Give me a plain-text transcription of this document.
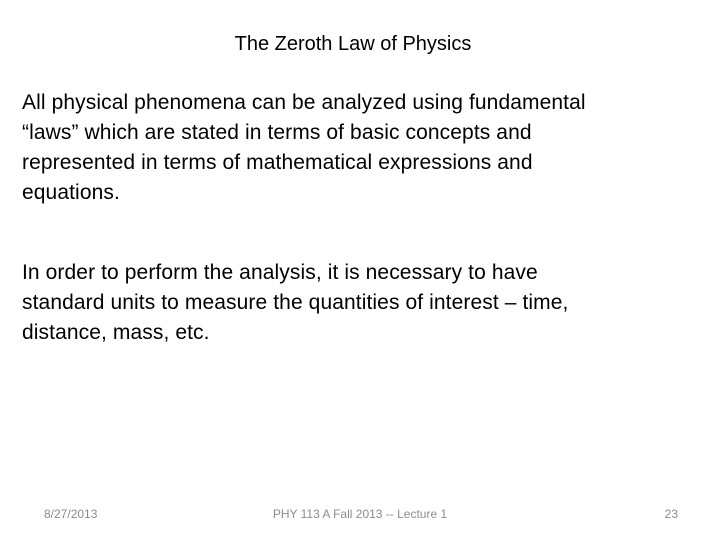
The Zeroth Law of Physics
All physical phenomena can be analyzed using fundamental
“laws” which are stated in terms of basic concepts and
represented in terms of mathematical expressions and
equations.
In order to perform the analysis, it is necessary to have
standard units to measure the quantities of interest – time,
distance, mass, etc.
8/27/2013	PHY 113 A Fall 2013 -- Lecture 1	23
